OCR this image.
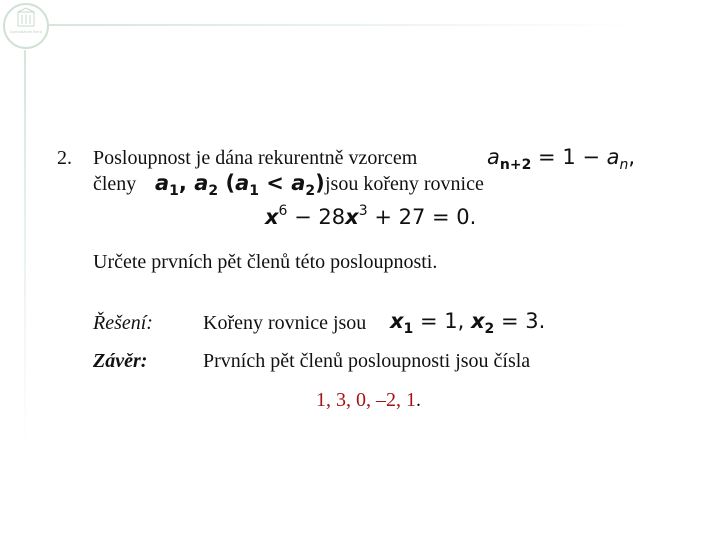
Gymnázium Brno
2. Posloupnost je dána rekurentně vzorcem	$a_{n+2} = 1 - a_n$,
členy $a_1$, $a_2$ $(a_1 < a_2)$ jsou kořeny rovnice
$x^6 - 28x^3 + 27 = 0$.
Určete prvních pět členů této posloupnosti.
Řešení:	Kořeny rovnice jsou $x_1 = 1$, $x_2 = 3$.
Závěr:	Prvních pět členů posloupnosti jsou čísla
1, 3, 0, –2, 1.
